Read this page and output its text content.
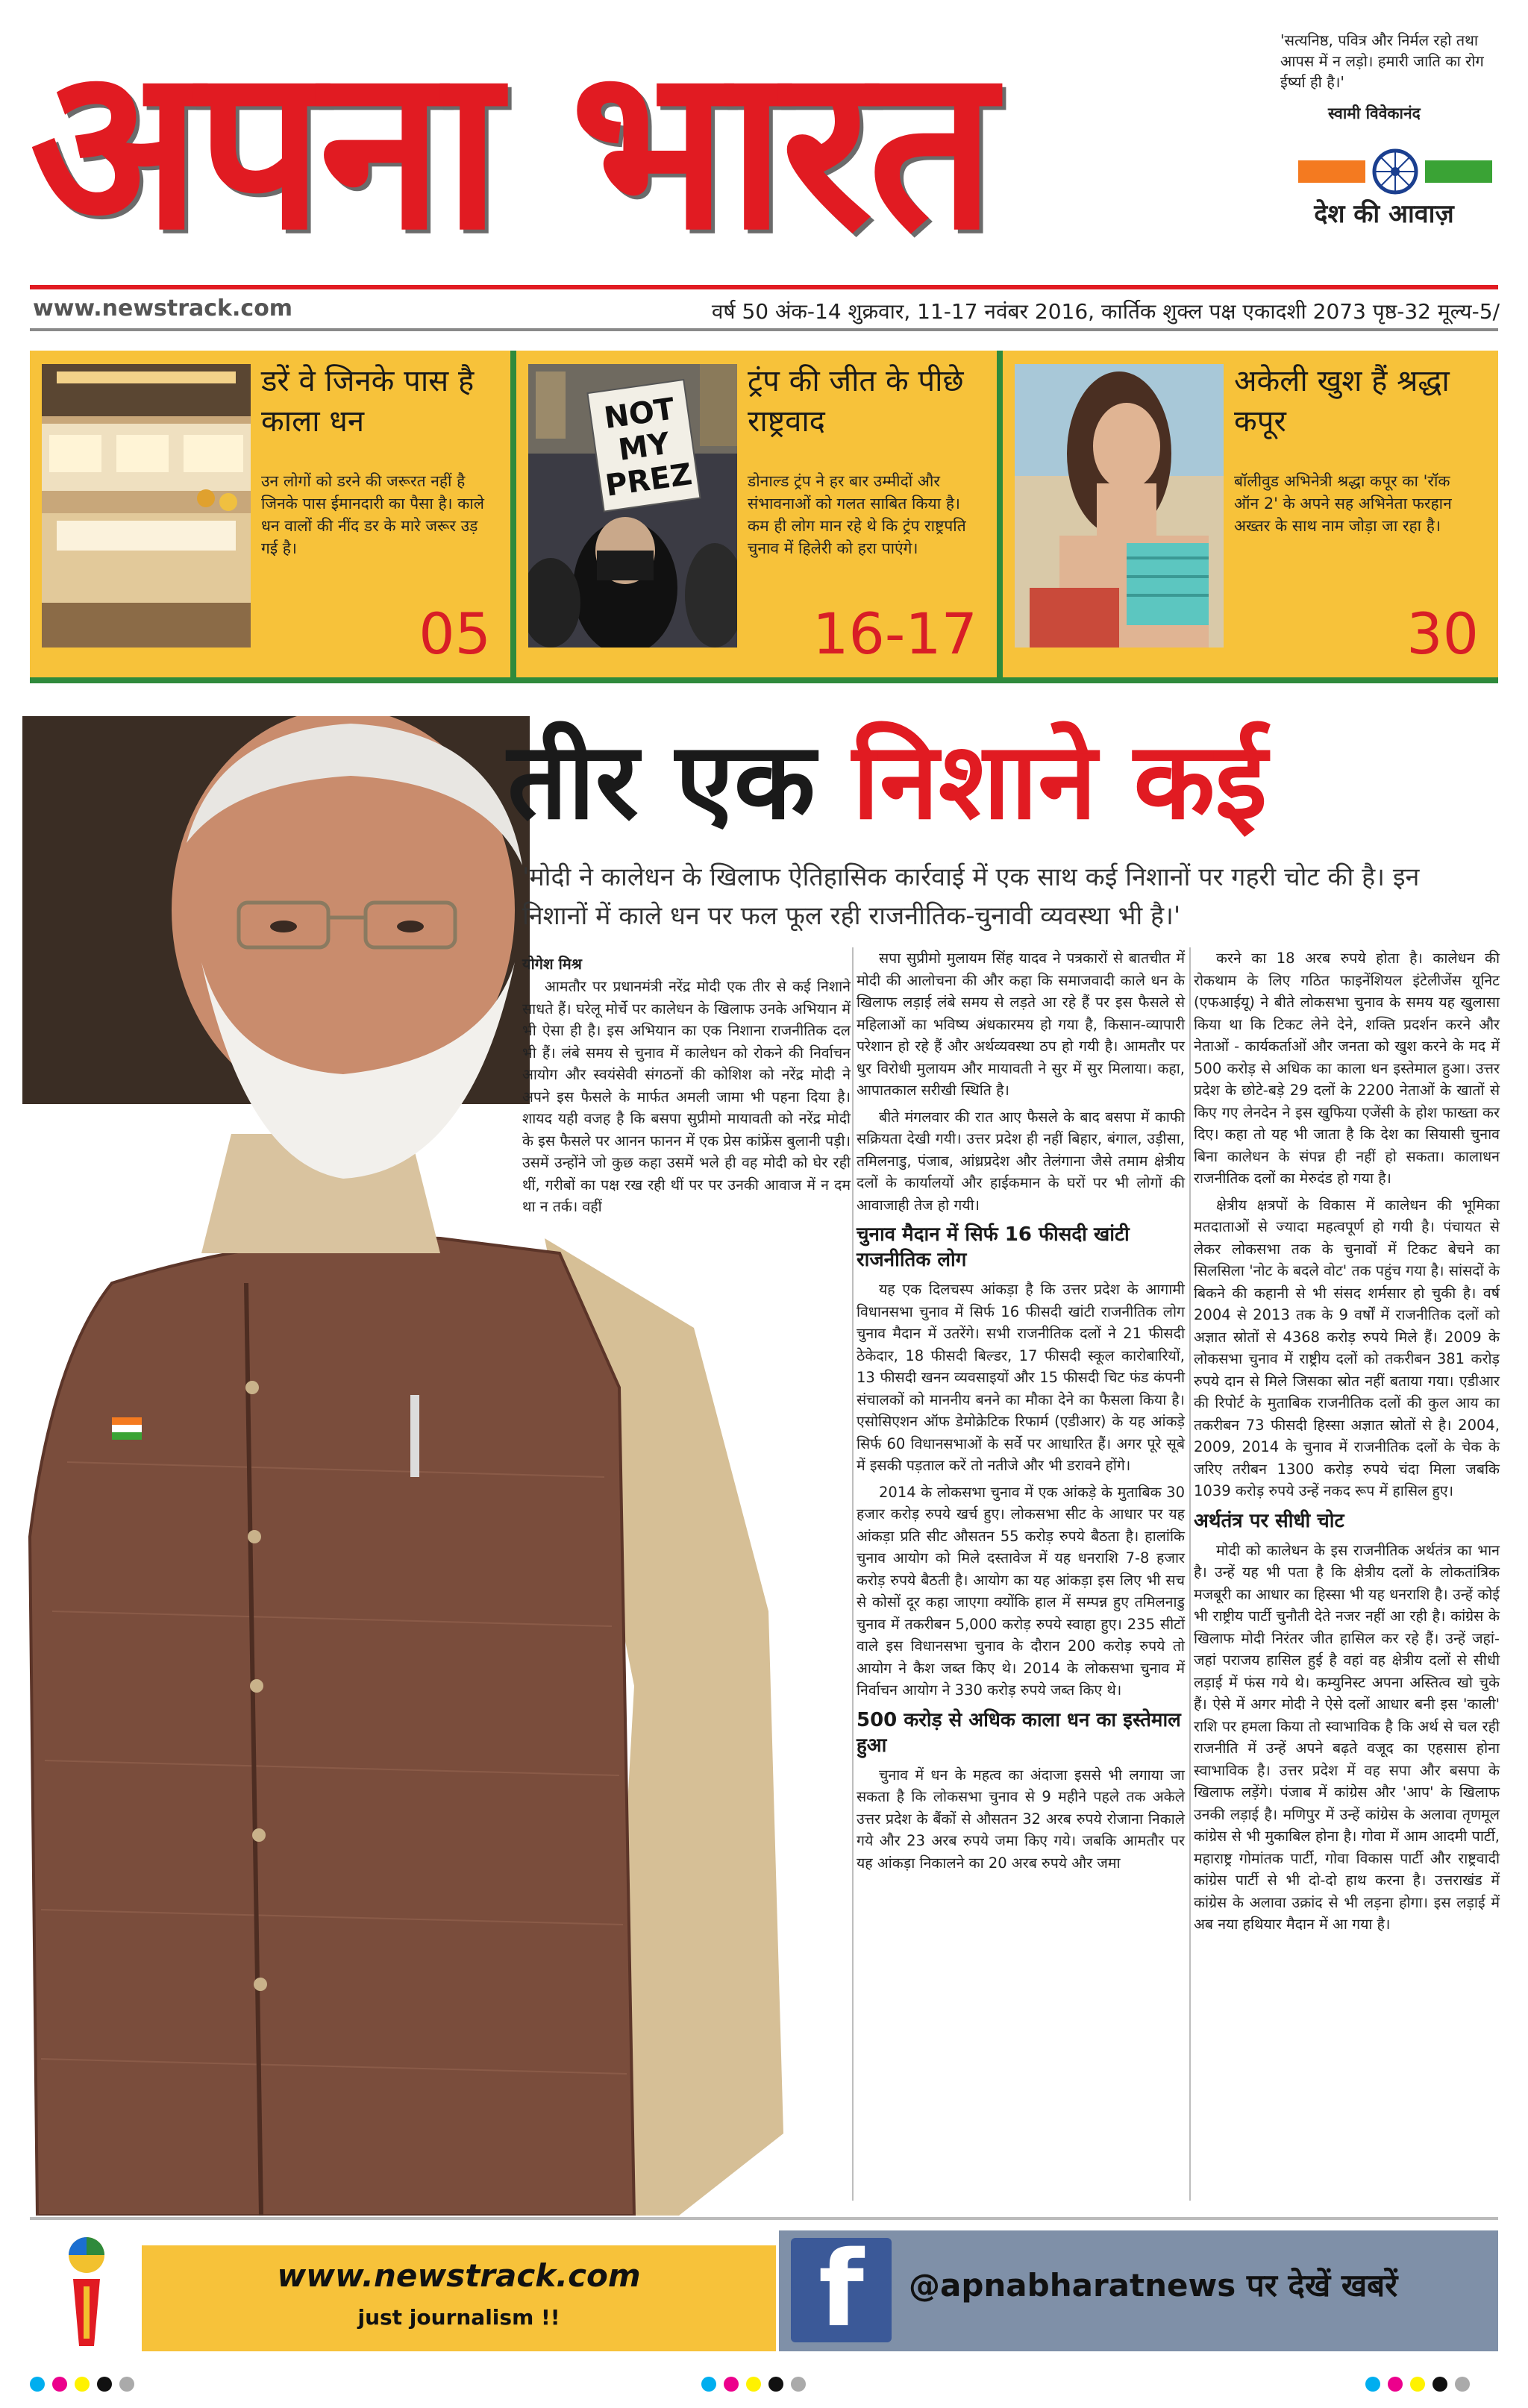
अपना भारत	'सत्यनिष्ठ, पवित्र और निर्मल रहो तथा आपस में न लड़ो। हमारी जाति का रोग ईर्ष्या ही है।'
स्वामी विवेकानंद
देश की आवाज़
www.newstrack.com	वर्ष 50 अंक-14 शुक्रवार, 11-17 नवंबर 2016, कार्तिक शुक्ल पक्ष एकादशी 2073 पृष्ठ-32 मूल्य-5/
डरें वे जिनके पास है काला धन
उन लोगों को डरने की जरूरत नहीं है जिनके पास ईमानदारी का पैसा है। काले धन वालों की नींद डर के मारे जरूर उड़ गई है।
05
NOT
MY
PREZ
ट्रंप की जीत के पीछे राष्ट्रवाद
डोनाल्ड ट्रंप ने हर बार उम्मीदों और संभावनाओं को गलत साबित किया है। कम ही लोग मान रहे थे कि ट्रंप राष्ट्रपति चुनाव में हिलेरी को हरा पाएंगे।
16-17
अकेली खुश हैं श्रद्धा कपूर
बॉलीवुड अभिनेत्री श्रद्धा कपूर का 'रॉक ऑन 2' के अपने सह अभिनेता फरहान अख्तर के साथ नाम जोड़ा जा रहा है।
30
तीर एक निशाने कई
'मोदी ने कालेधन के खिलाफ ऐतिहासिक कार्रवाई में एक साथ कई निशानों पर गहरी चोट की है। इन निशानों में काले धन पर फल फूल रही राजनीतिक-चुनावी व्यवस्था भी है।'
योगेश मिश्र

आमतौर पर प्रधानमंत्री नरेंद्र मोदी एक तीर से कई निशाने साधते हैं। घरेलू मोर्चे पर कालेधन के खिलाफ उनके अभियान में भी ऐसा ही है। इस अभियान का एक निशाना राजनीतिक दल भी हैं। लंबे समय से चुनाव में कालेधन को रोकने की निर्वाचन आयोग और स्वयंसेवी संगठनों की कोशिश को नरेंद्र मोदी ने अपने इस फैसले के मार्फत अमली जामा भी पहना दिया है। शायद यही वजह है कि बसपा सुप्रीमो मायावती को नरेंद्र मोदी के इस फैसले पर आनन फानन में एक प्रेस कांफ्रेंस बुलानी पड़ी। उसमें उन्होंने जो कुछ कहा उसमें भले ही वह मोदी को घेर रही थीं, गरीबों का पक्ष रख रही थीं पर पर उनकी आवाज में न दम था न तर्क। वहीं

सपा सुप्रीमो मुलायम सिंह यादव ने पत्रकारों से बातचीत में मोदी की आलोचना की और कहा कि समाजवादी काले धन के खिलाफ लड़ाई लंबे समय से लड़ते आ रहे हैं पर इस फैसले से महिलाओं का भविष्य अंधकारमय हो गया है, किसान-व्यापारी परेशान हो रहे हैं और अर्थव्यवस्था ठप हो गयी है। आमतौर पर धुर विरोधी मुलायम और मायावती ने सुर में सुर मिलाया। कहा, आपातकाल सरीखी स्थिति है।

बीते मंगलवार की रात आए फैसले के बाद बसपा में काफी सक्रियता देखी गयी। उत्तर प्रदेश ही नहीं बिहार, बंगाल, उड़ीसा, तमिलनाडु, पंजाब, आंध्रप्रदेश और तेलंगाना जैसे तमाम क्षेत्रीय दलों के कार्यालयों और हाईकमान के घरों पर भी लोगों की आवाजाही तेज हो गयी।

चुनाव मैदान में सिर्फ 16 फीसदी खांटी राजनीतिक लोग

यह एक दिलचस्प आंकड़ा है कि उत्तर प्रदेश के आगामी विधानसभा चुनाव में सिर्फ 16 फीसदी खांटी राजनीतिक लोग चुनाव मैदान में उतरेंगे। सभी राजनीतिक दलों ने 21 फीसदी ठेकेदार, 18 फीसदी बिल्डर, 17 फीसदी स्कूल कारोबारियों, 13 फीसदी खनन व्यवसाइयों और 15 फीसदी चिट फंड कंपनी संचालकों को माननीय बनने का मौका देने का फैसला किया है। एसोसिएशन ऑफ डेमोक्रेटिक रिफार्म (एडीआर) के यह आंकड़े सिर्फ 60 विधानसभाओं के सर्वे पर आधारित हैं। अगर पूरे सूबे में इसकी पड़ताल करें तो नतीजे और भी डरावने होंगे।

2014 के लोकसभा चुनाव में एक आंकड़े के मुताबिक 30 हजार करोड़ रुपये खर्च हुए। लोकसभा सीट के आधार पर यह आंकड़ा प्रति सीट औसतन 55 करोड़ रुपये बैठता है। हालांकि चुनाव आयोग को मिले दस्तावेज में यह धनराशि 7-8 हजार करोड़ रुपये बैठती है। आयोग का यह आंकड़ा इस लिए भी सच से कोसों दूर कहा जाएगा क्योंकि हाल में सम्पन्न हुए तमिलनाडु चुनाव में तकरीबन 5,000 करोड़ रुपये स्वाहा हुए। 235 सीटों वाले इस विधानसभा चुनाव के दौरान 200 करोड़ रुपये तो आयोग ने कैश जब्त किए थे। 2014 के लोकसभा चुनाव में निर्वाचन आयोग ने 330 करोड़ रुपये जब्त किए थे।

500 करोड़ से अधिक काला धन का इस्तेमाल हुआ

चुनाव में धन के महत्व का अंदाजा इससे भी लगाया जा सकता है कि लोकसभा चुनाव से 9 महीने पहले तक अकेले उत्तर प्रदेश के बैंकों से औसतन 32 अरब रुपये रोजाना निकाले गये और 23 अरब रुपये जमा किए गये। जबकि आमतौर पर यह आंकड़ा निकालने का 20 अरब रुपये और जमा

करने का 18 अरब रुपये होता है। कालेधन की रोकथाम के लिए गठित फाइनेंशियल इंटेलीजेंस यूनिट (एफआईयू) ने बीते लोकसभा चुनाव के समय यह खुलासा किया था कि टिकट लेने देने, शक्ति प्रदर्शन करने और नेताओं - कार्यकर्ताओं और जनता को खुश करने के मद में 500 करोड़ से अधिक का काला धन इस्तेमाल हुआ। उत्तर प्रदेश के छोटे-बड़े 29 दलों के 2200 नेताओं के खातों से किए गए लेनदेन ने इस खुफिया एजेंसी के होश फाख्ता कर दिए। कहा तो यह भी जाता है कि देश का सियासी चुनाव बिना कालेधन के संपन्न ही नहीं हो सकता। कालाधन राजनीतिक दलों का मेरुदंड हो गया है।

क्षेत्रीय क्षत्रपों के विकास में कालेधन की भूमिका मतदाताओं से ज्यादा महत्वपूर्ण हो गयी है। पंचायत से लेकर लोकसभा तक के चुनावों में टिकट बेचने का सिलसिला 'नोट के बदले वोट' तक पहुंच गया है। सांसदों के बिकने की कहानी से भी संसद शर्मसार हो चुकी है। वर्ष 2004 से 2013 तक के 9 वर्षों में राजनीतिक दलों को अज्ञात स्रोतों से 4368 करोड़ रुपये मिले हैं। 2009 के लोकसभा चुनाव में राष्ट्रीय दलों को तकरीबन 381 करोड़ रुपये दान से मिले जिसका स्रोत नहीं बताया गया। एडीआर की रिपोर्ट के मुताबिक राजनीतिक दलों की कुल आय का तकरीबन 73 फीसदी हिस्सा अज्ञात स्रोतों से है। 2004, 2009, 2014 के चुनाव में राजनीतिक दलों के चेक के जरिए तरीबन 1300 करोड़ रुपये चंदा मिला जबकि 1039 करोड़ रुपये उन्हें नकद रूप में हासिल हुए।

अर्थतंत्र पर सीधी चोट

मोदी को कालेधन के इस राजनीतिक अर्थतंत्र का भान है। उन्हें यह भी पता है कि क्षेत्रीय दलों के लोकतांत्रिक मजबूरी का आधार का हिस्सा भी यह धनराशि है। उन्हें कोई भी राष्ट्रीय पार्टी चुनौती देते नजर नहीं आ रही है। कांग्रेस के खिलाफ मोदी निरंतर जीत हासिल कर रहे हैं। उन्हें जहां-जहां पराजय हासिल हुई है वहां वह क्षेत्रीय दलों से सीधी लड़ाई में फंस गये थे। कम्युनिस्ट अपना अस्तित्व खो चुके हैं। ऐसे में अगर मोदी ने ऐसे दलों आधार बनी इस 'काली' राशि पर हमला किया तो स्वाभाविक है कि अर्थ से चल रही राजनीति में उन्हें अपने बढ़ते वजूद का एहसास होना स्वाभाविक है। उत्तर प्रदेश में वह सपा और बसपा के खिलाफ लड़ेंगे। पंजाब में कांग्रेस और 'आप' के खिलाफ उनकी लड़ाई है। मणिपुर में उन्हें कांग्रेस के अलावा तृणमूल कांग्रेस से भी मुकाबिल होना है। गोवा में आम आदमी पार्टी, महाराष्ट्र गोमांतक पार्टी, गोवा विकास पार्टी और राष्ट्रवादी कांग्रेस पार्टी से भी दो-दो हाथ करना है। उत्तराखंड में कांग्रेस के अलावा उक्रांद से भी लड़ना होगा। इस लड़ाई में अब नया हथियार मैदान में आ गया है।

www.newstrack.com
just journalism !!	f	@apnabharatnews पर देखें खबरें
